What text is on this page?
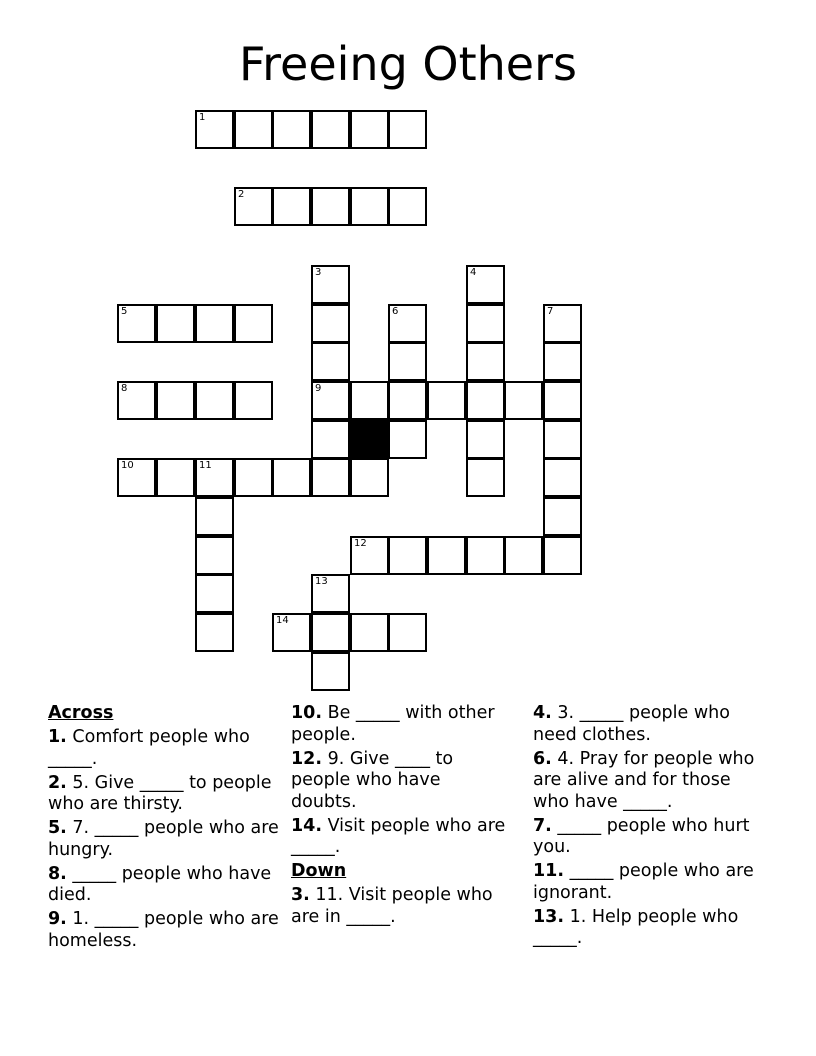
Freeing Others
1
2
3	4
5	6	7
8	9
10	11
12
13
14
Across
1. Comfort people who _____.
2. 5. Give _____ to people who are thirsty.
5. 7. _____ people who are hungry.
8. _____ people who have died.
9. 1. _____ people who are homeless.
10. Be _____ with other people.
12. 9. Give ____ to people who have doubts.
14. Visit people who are _____.
Down
3. 11. Visit people who are in _____.
4. 3. _____ people who need clothes.
6. 4. Pray for people who are alive and for those who have _____.
7. _____ people who hurt you.
11. _____ people who are ignorant.
13. 1. Help people who _____.
